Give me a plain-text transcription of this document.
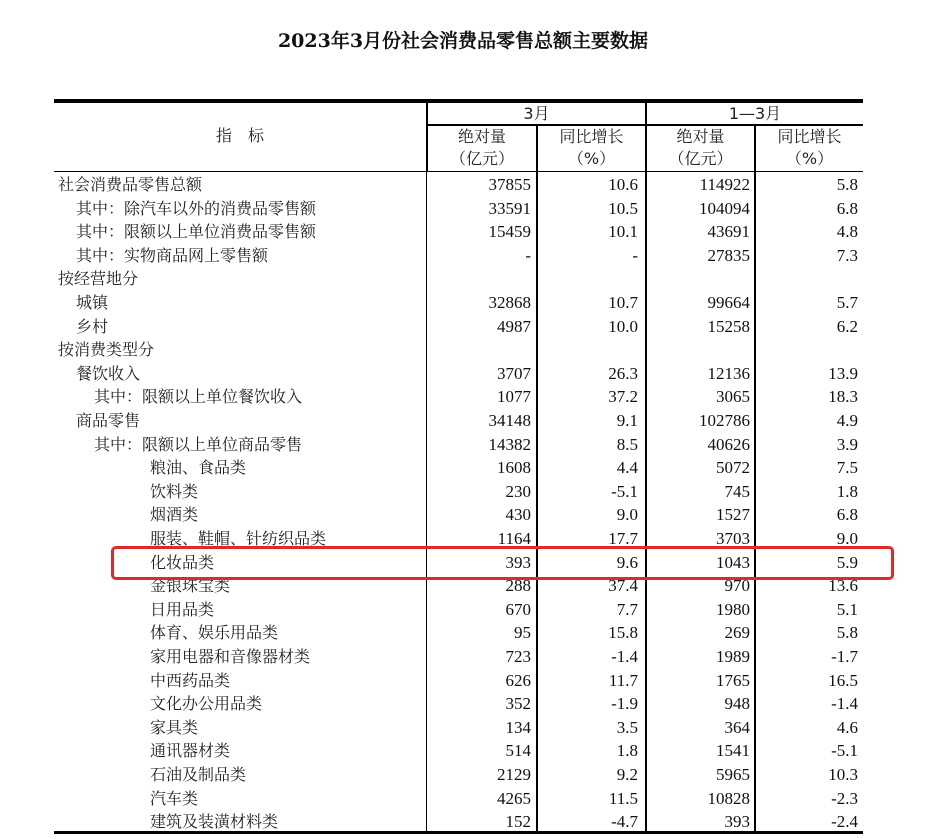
2023年3月份社会消费品零售总额主要数据
指　标
3月	1—3月
绝对量
（亿元）
同比增长
（%）
绝对量
（亿元）
同比增长
（%）
社会消费品零售总额	37855	10.6	114922	5.8
其中：除汽车以外的消费品零售额	33591	10.5	104094	6.8
其中：限额以上单位消费品零售额	15459	10.1	43691	4.8
其中：实物商品网上零售额	-	-	27835	7.3
按经营地分
城镇	32868	10.7	99664	5.7
乡村	4987	10.0	15258	6.2
按消费类型分
餐饮收入	3707	26.3	12136	13.9
其中：限额以上单位餐饮收入	1077	37.2	3065	18.3
商品零售	34148	9.1	102786	4.9
其中：限额以上单位商品零售	14382	8.5	40626	3.9
粮油、食品类	1608	4.4	5072	7.5
饮料类	230	-5.1	745	1.8
烟酒类	430	9.0	1527	6.8
服装、鞋帽、针纺织品类	1164	17.7	3703	9.0
化妆品类	393	9.6	1043	5.9
金银珠宝类	288	37.4	970	13.6
日用品类	670	7.7	1980	5.1
体育、娱乐用品类	95	15.8	269	5.8
家用电器和音像器材类	723	-1.4	1989	-1.7
中西药品类	626	11.7	1765	16.5
文化办公用品类	352	-1.9	948	-1.4
家具类	134	3.5	364	4.6
通讯器材类	514	1.8	1541	-5.1
石油及制品类	2129	9.2	5965	10.3
汽车类	4265	11.5	10828	-2.3
建筑及装潢材料类	152	-4.7	393	-2.4
